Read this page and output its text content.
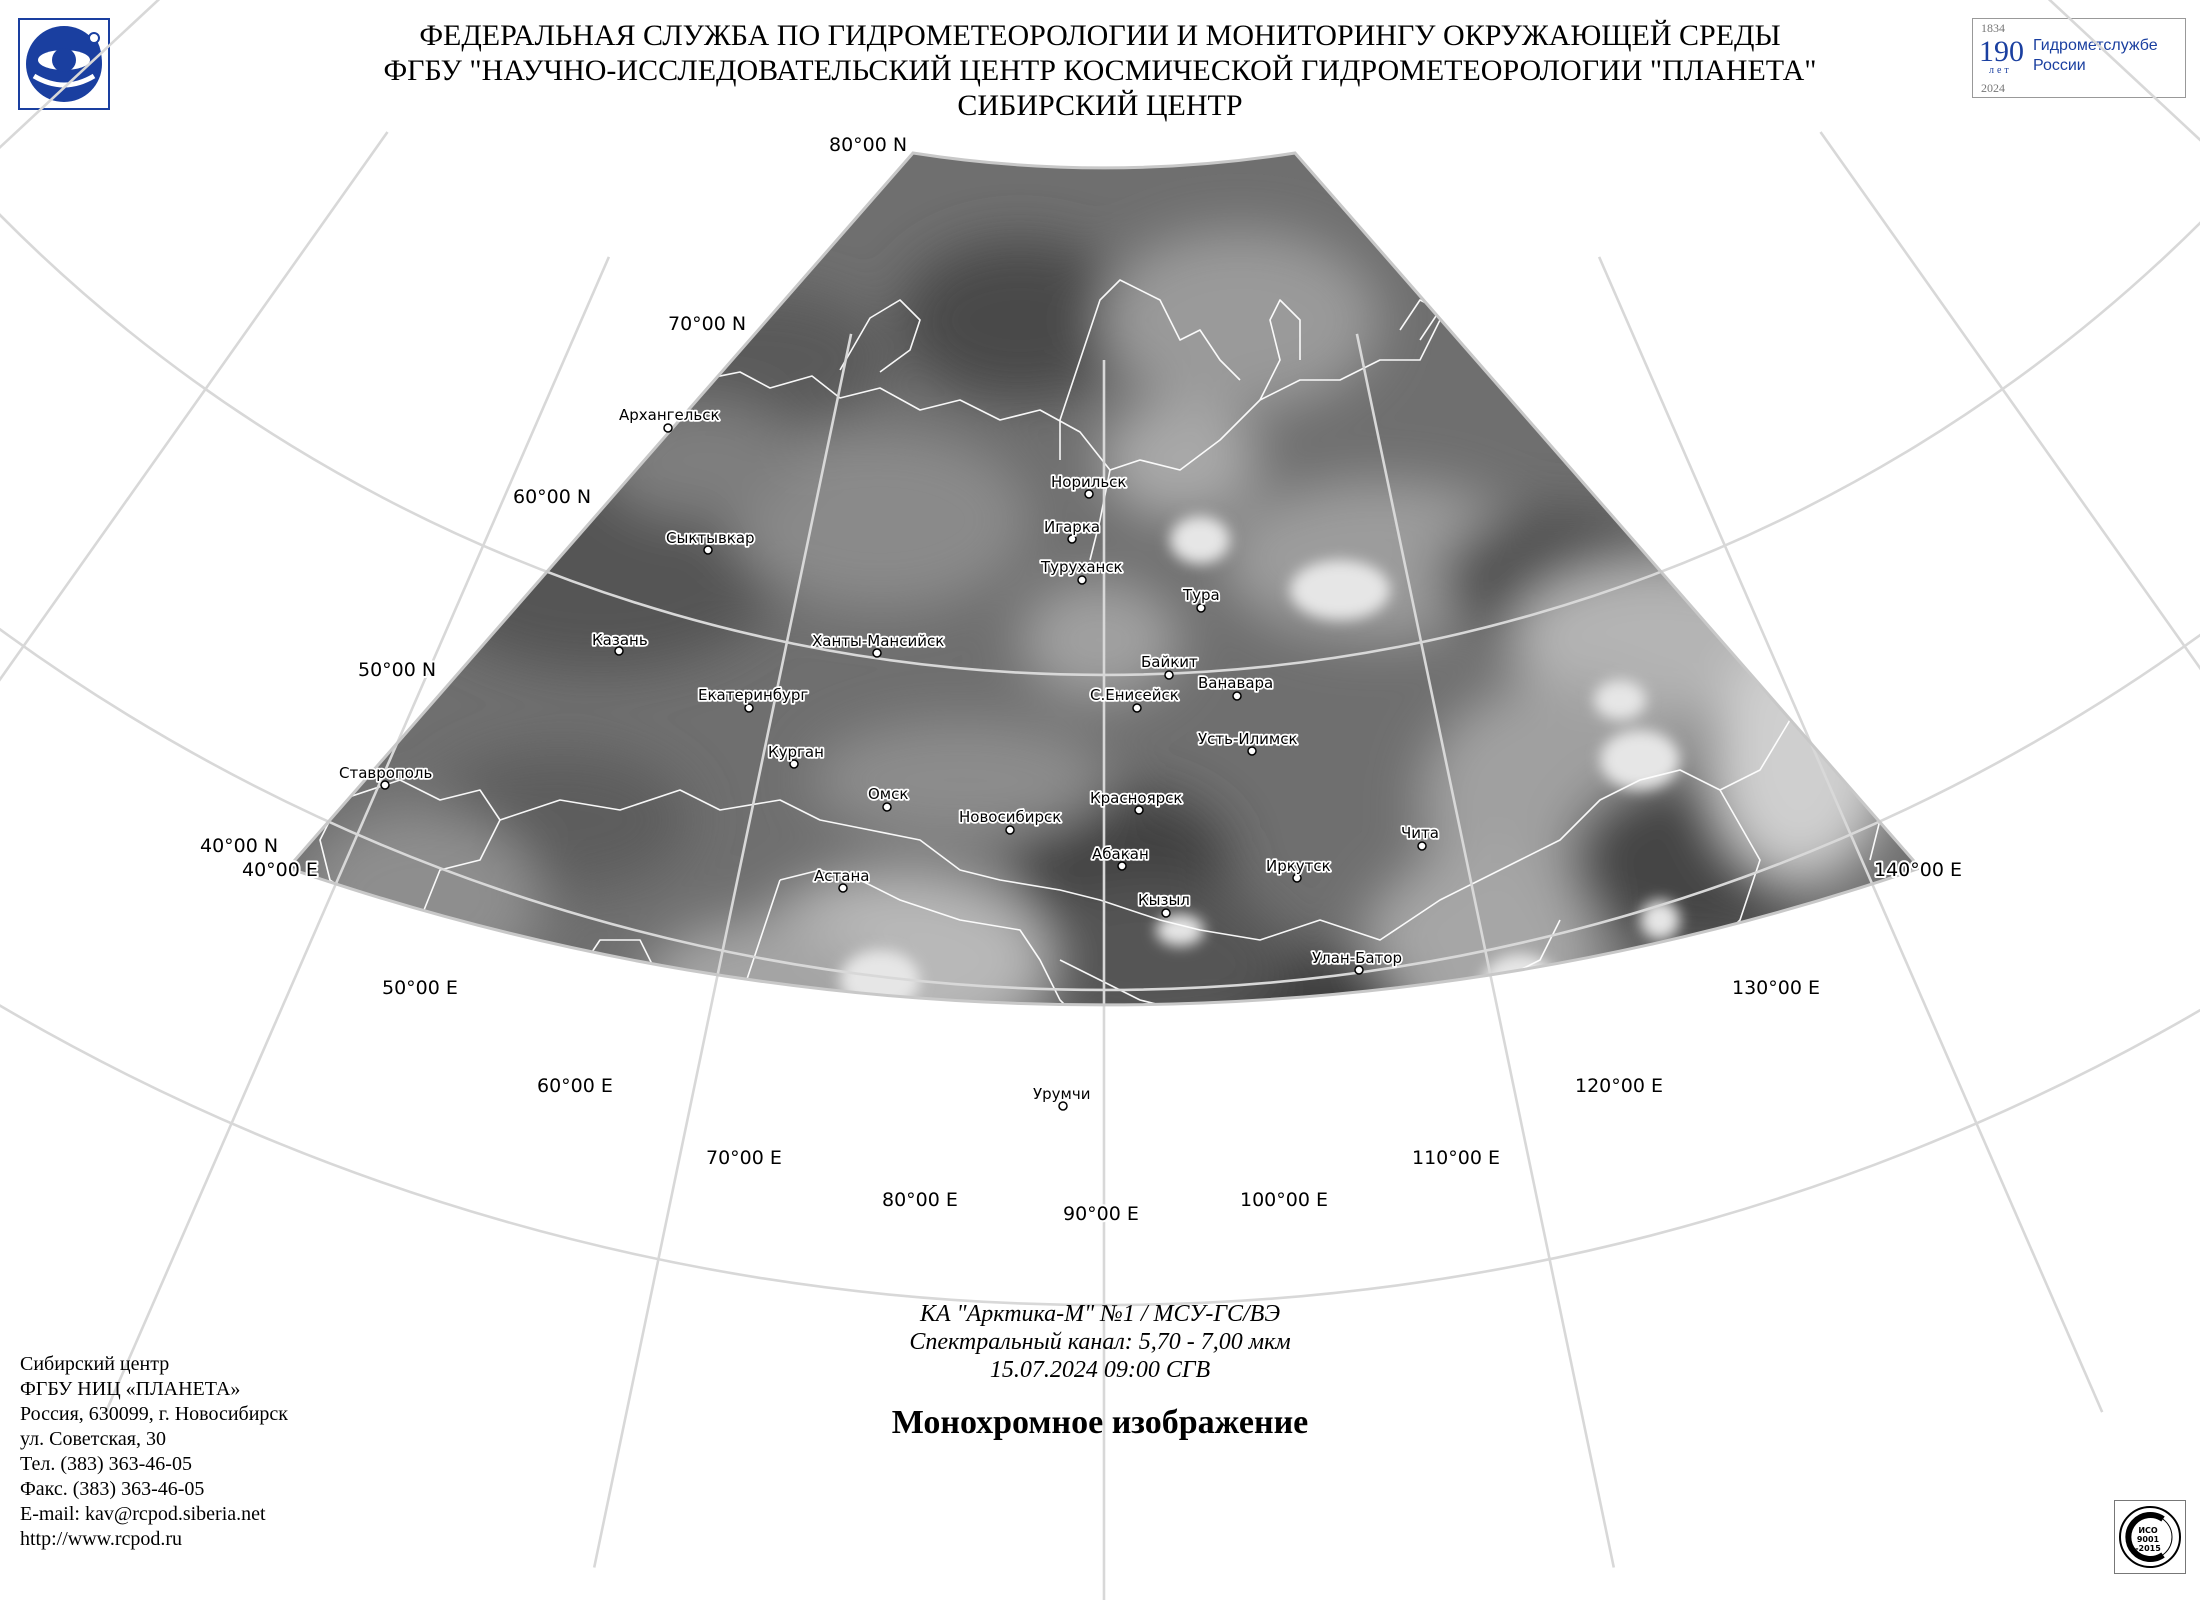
ФЕДЕРАЛЬНАЯ СЛУЖБА ПО ГИДРОМЕТЕОРОЛОГИИ И МОНИТОРИНГУ ОКРУЖАЮЩЕЙ СРЕДЫ
ФГБУ "НАУЧНО-ИССЛЕДОВАТЕЛЬСКИЙ ЦЕНТР КОСМИЧЕСКОЙ ГИДРОМЕТЕОРОЛОГИИ "ПЛАНЕТА"
СИБИРСКИЙ ЦЕНТР
1834
190
лет
Гидрометслужбе
России
2024
80°00 N
70°00 N
60°00 N
50°00 N
40°00 N
40°00 E
50°00 E
60°00 E
70°00 E
80°00 E
90°00 E
100°00 E
110°00 E
120°00 E
130°00 E
140°00 E
Архангельск
Сыктывкар
Казань
Ставрополь
Екатеринбург
Ханты-Мансийск
Курган
Омск
Астана
Новосибирск
Норильск
Игарка
Туруханск
Тура
Байкит
Ванавара
С.Енисейск
Усть-Илимск
Красноярск
Абакан
Кызыл
Иркутск
Чита
Улан-Батор
Урумчи
КА "Арктика-М" №1 / МСУ-ГС/ВЭ
Спектральный канал: 5,70 - 7,00 мкм
15.07.2024 09:00 СГВ
Монохромное изображение
Сибирский центр
ФГБУ НИЦ «ПЛАНЕТА»
Россия, 630099, г. Новосибирск
ул. Советская, 30
Тел. (383) 363-46-05
Факс. (383) 363-46-05
E-mail: kav@rcpod.siberia.net
http://www.rcpod.ru	ИСО
9001
-2015
